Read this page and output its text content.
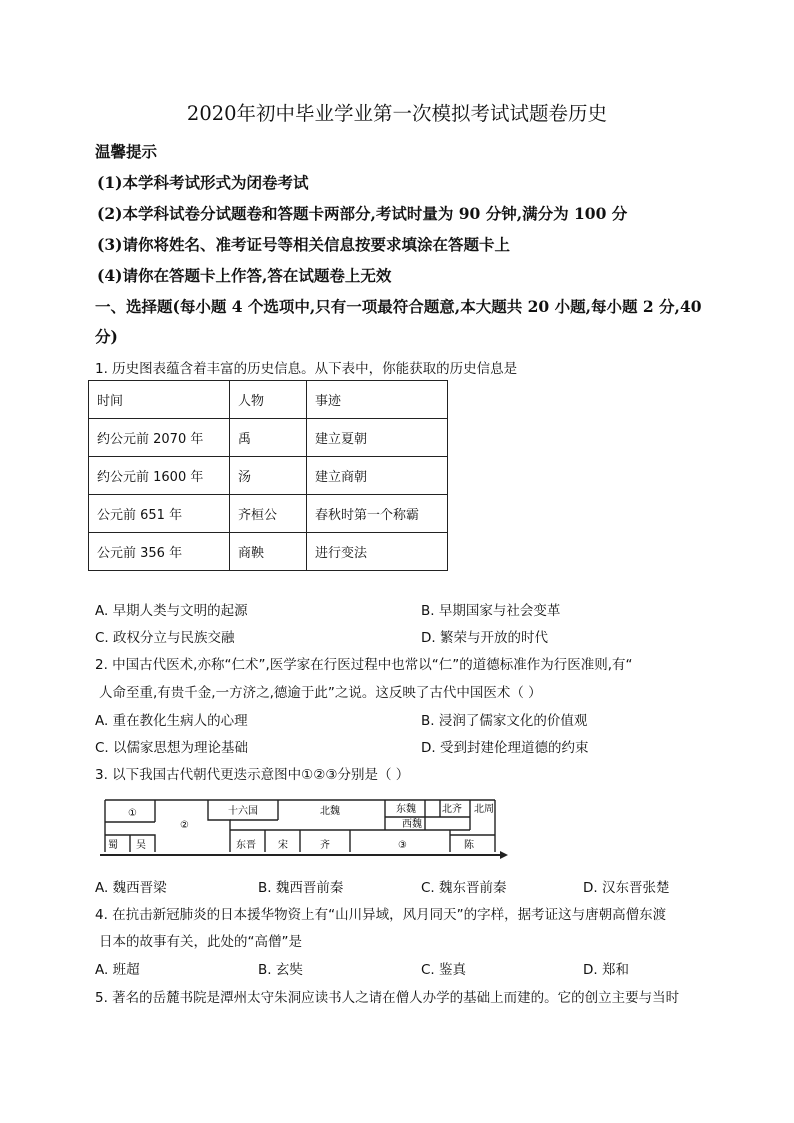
2020年初中毕业学业第一次模拟考试试题卷历史
温馨提示
(1)本学科考试形式为闭卷考试
(2)本学科试卷分试题卷和答题卡两部分,考试时量为 90 分钟,满分为 100 分
(3)请你将姓名、准考证号等相关信息按要求填涂在答题卡上
(4)请你在答题卡上作答,答在试题卷上无效
一、选择题(每小题 4 个选项中,只有一项最符合题意,本大题共 20 小题,每小题 2 分,40
分)
1. 历史图表蕴含着丰富的历史信息。从下表中，你能获取的历史信息是
时间	人物	事迹
约公元前 2070 年	禹	建立夏朝
约公元前 1600 年	汤	建立商朝
公元前 651 年	齐桓公	春秋时第一个称霸
公元前 356 年	商鞅	进行变法
A. 早期人类与文明的起源	B. 早期国家与社会变革
C. 政权分立与民族交融	D. 繁荣与开放的时代
2. 中国古代医术,亦称“仁术”,医学家在行医过程中也常以“仁”的道德标准作为行医准则,有“
人命至重,有贵千金,一方济之,德逾于此”之说。这反映了古代中国医术（ ）
A. 重在教化生病人的心理	B. 浸润了儒家文化的价值观
C. 以儒家思想为理论基础	D. 受到封建伦理道德的约束
3. 以下我国古代朝代更迭示意图中①②③分别是（ ）
①
蜀 吴
②
十六国	北魏	东魏	北齐 北周
西魏
东晋 宋	齐	③	陈
A. 魏西晋梁	B. 魏西晋前秦	C. 魏东晋前秦	D. 汉东晋张楚
4. 在抗击新冠肺炎的日本援华物资上有“山川异域，风月同天”的字样，据考证这与唐朝高僧东渡
日本的故事有关，此处的“高僧”是
A. 班超	B. 玄奘	C. 鉴真	D. 郑和
5. 著名的岳麓书院是潭州太守朱洞应读书人之请在僧人办学的基础上而建的。它的创立主要与当时
